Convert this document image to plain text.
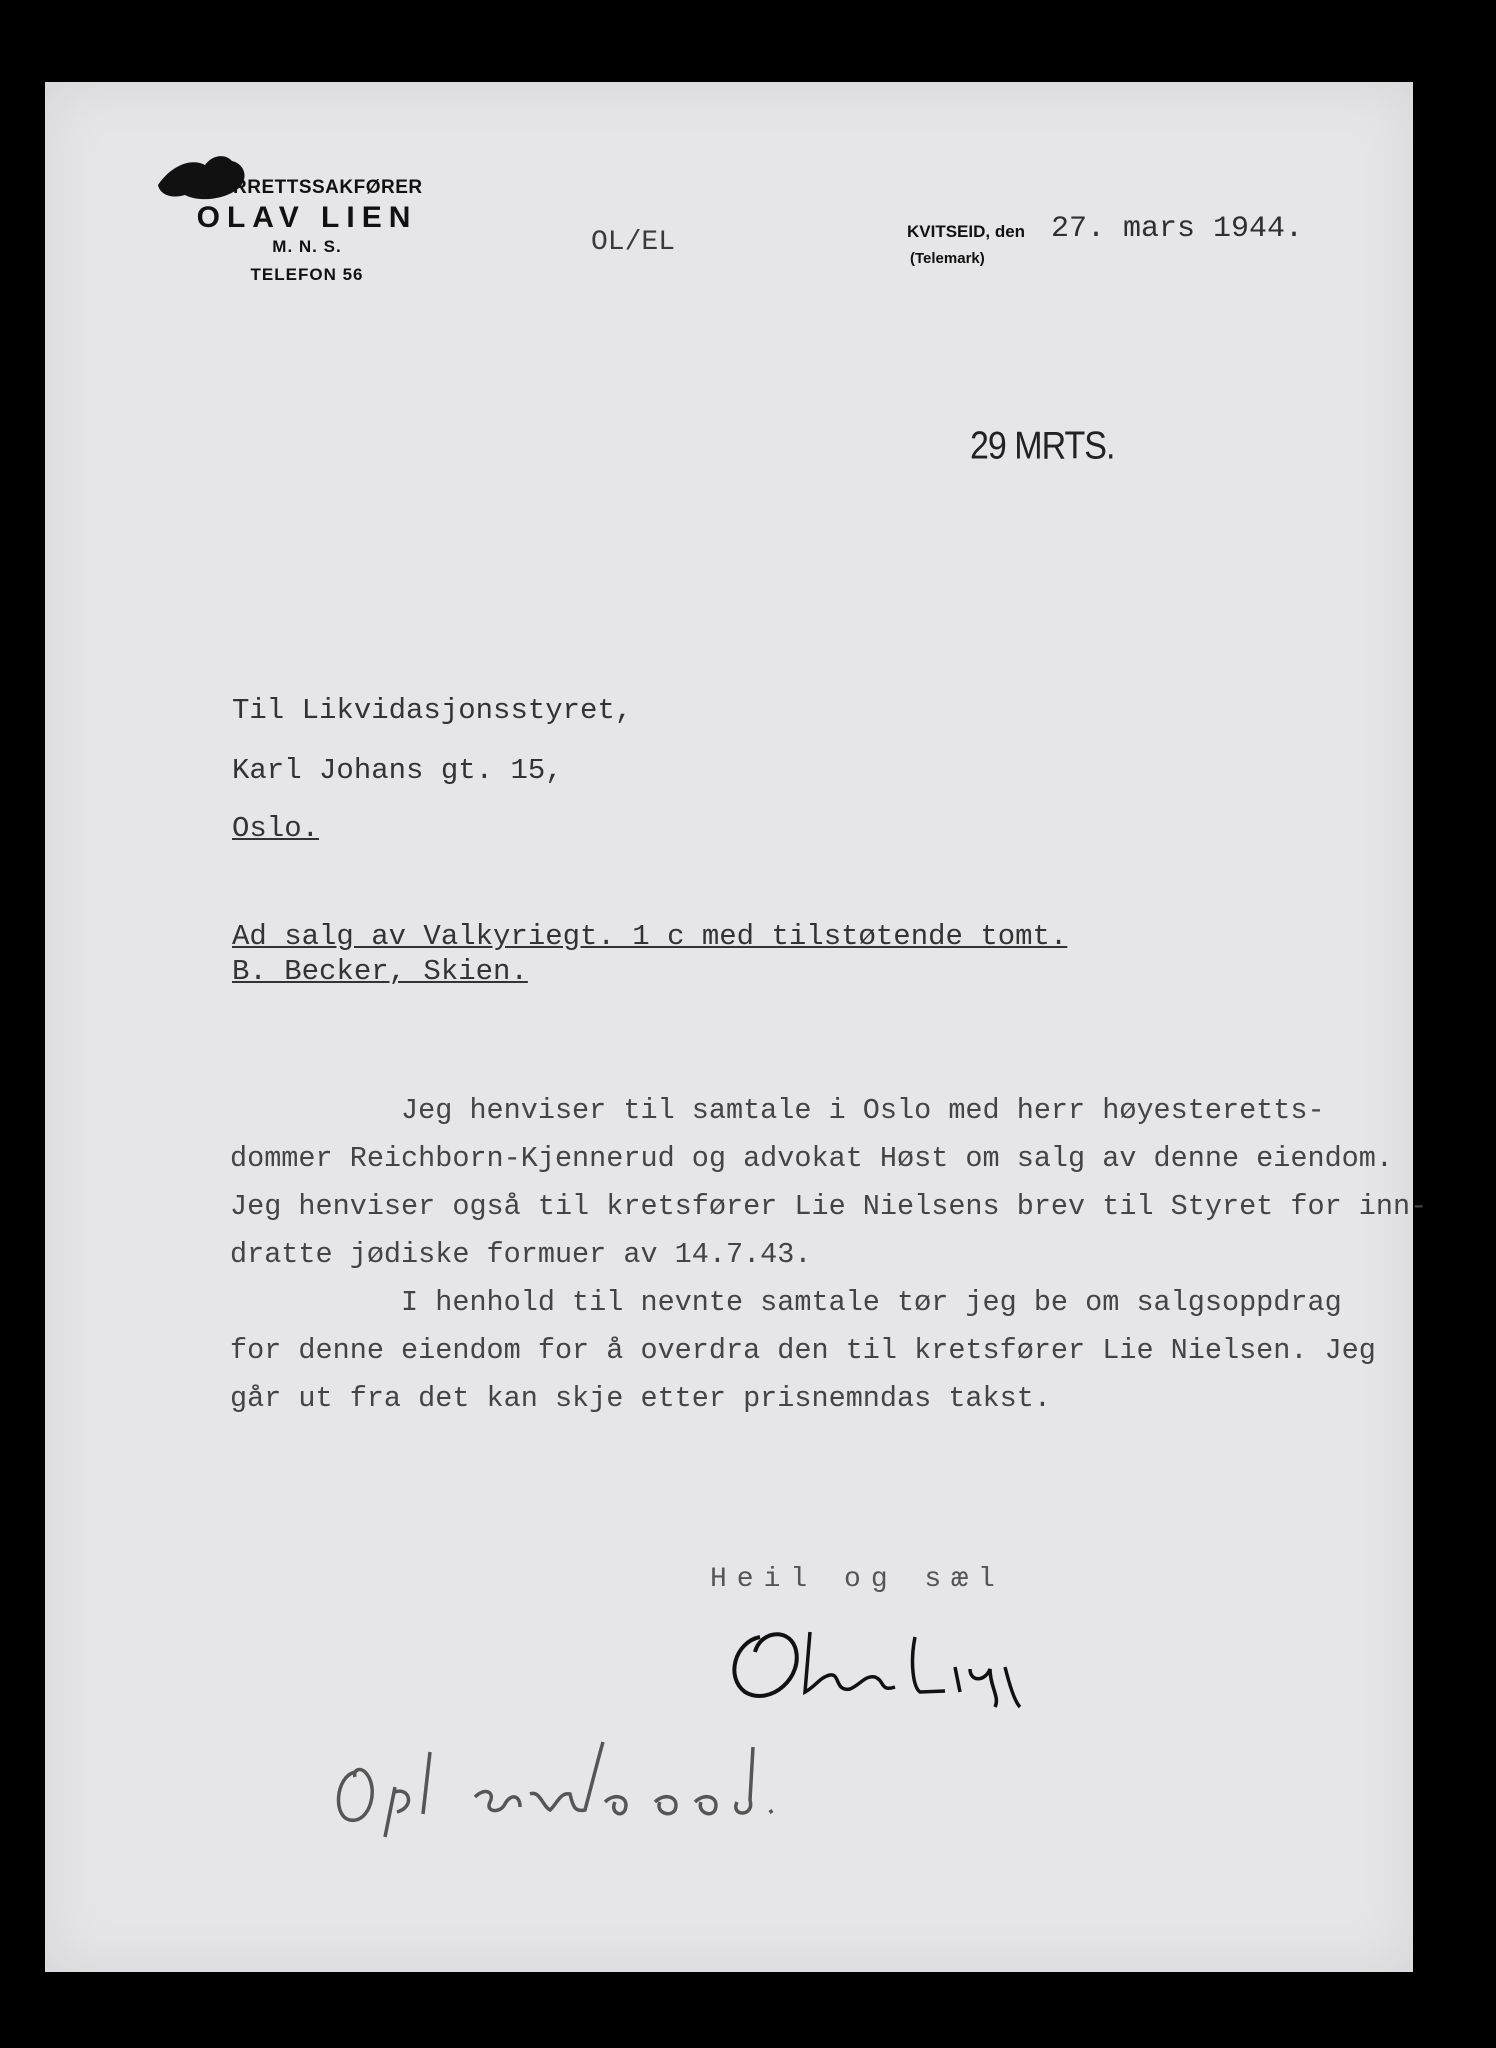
OVERRETTSSAKFØRER
OLAV LIEN
M. N. S.
TELEFON 56
OL/EL	KVITSEID, den 27. mars 1944.
(Telemark)
29 MRTS.
Til Likvidasjonsstyret,
Karl Johans gt. 15,
Oslo.
Ad salg av Valkyriegt. 1 c med tilstøtende tomt.
B. Becker, Skien.

Jeg henviser til samtale i Oslo med herr høyesteretts-

dommer Reichborn-Kjennerud og advokat Høst om salg av denne eiendom.

Jeg henviser også til kretsfører Lie Nielsens brev til Styret for inn-

dratte jødiske formuer av 14.7.43.

I henhold til nevnte samtale tør jeg be om salgsoppdrag

for denne eiendom for å overdra den til kretsfører Lie Nielsen. Jeg

går ut fra det kan skje etter prisnemndas takst.

Heil og sæl
